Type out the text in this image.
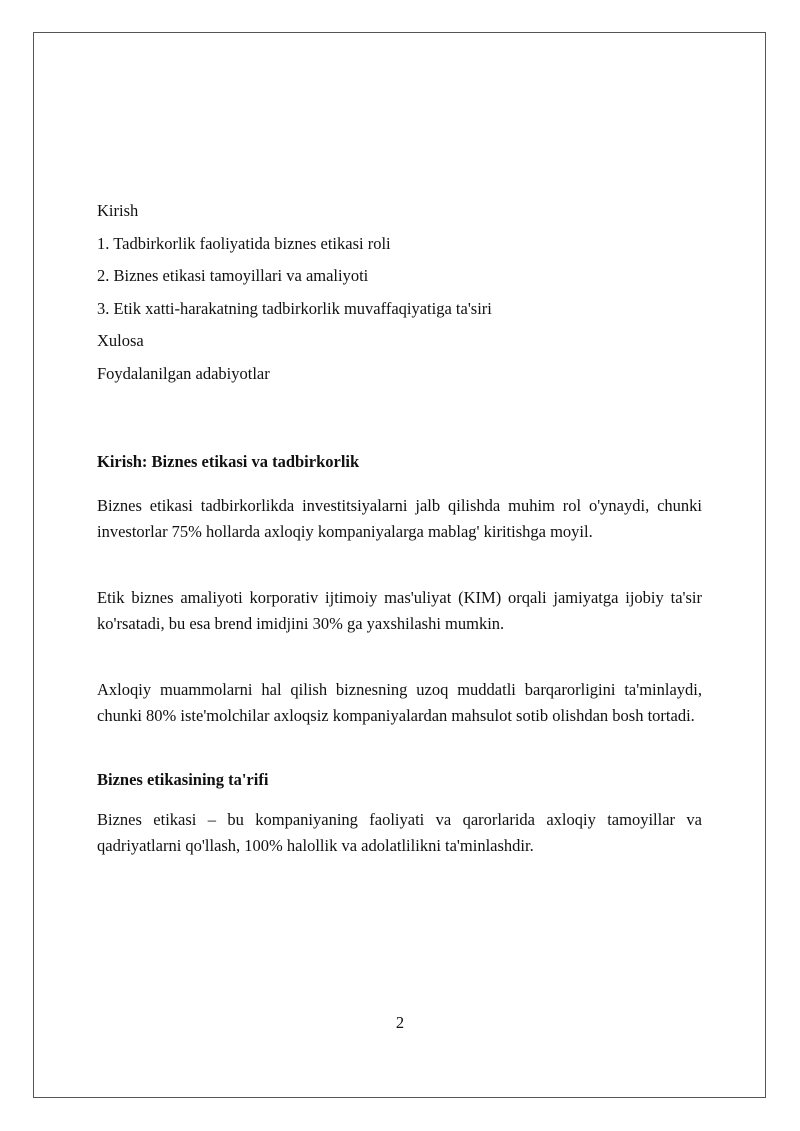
Kirish
1. Tadbirkorlik faoliyatida biznes etikasi roli
2. Biznes etikasi tamoyillari va amaliyoti
3. Etik xatti-harakatning tadbirkorlik muvaffaqiyatiga ta'siri
Xulosa
Foydalanilgan adabiyotlar
Kirish: Biznes etikasi va tadbirkorlik

Biznes etikasi tadbirkorlikda investitsiyalarni jalb qilishda muhim rol o'ynaydi, chunki investorlar 75% hollarda axloqiy kompaniyalarga mablag' kiritishga moyil.

Etik biznes amaliyoti korporativ ijtimoiy mas'uliyat (KIM) orqali jamiyatga ijobiy ta'sir ko'rsatadi, bu esa brend imidjini 30% ga yaxshilashi mumkin.

Axloqiy muammolarni hal qilish biznesning uzoq muddatli barqarorligini ta'minlaydi, chunki 80% iste'molchilar axloqsiz kompaniyalardan mahsulot sotib olishdan bosh tortadi.

Biznes etikasining ta'rifi

Biznes etikasi – bu kompaniyaning faoliyati va qarorlarida axloqiy tamoyillar va qadriyatlarni qo'llash, 100% halollik va adolatlilikni ta'minlashdir.

2
